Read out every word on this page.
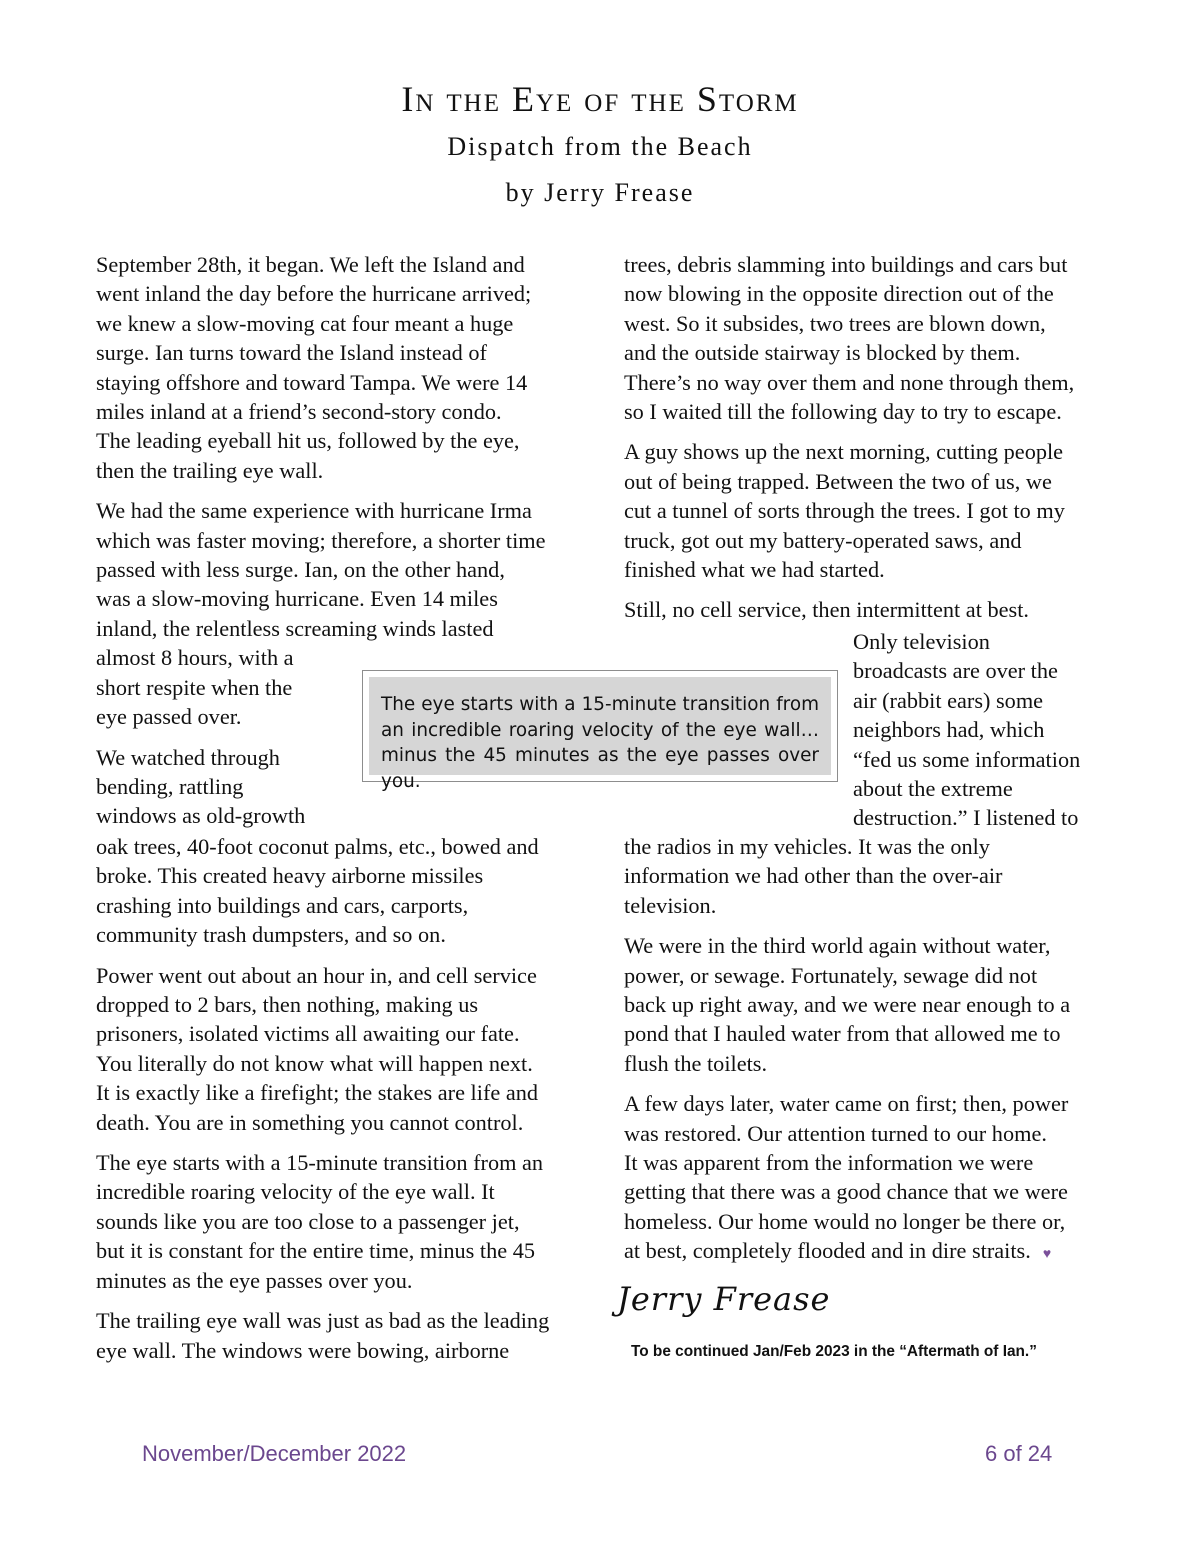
In the Eye of the Storm
Dispatch from the Beach
by Jerry Frease

September 28th, it began. We left the Island and
went inland the day before the hurricane arrived;
we knew a slow-moving cat four meant a huge
surge. Ian turns toward the Island instead of
staying offshore and toward Tampa. We were 14
miles inland at a friend’s second-story condo.
The leading eyeball hit us, followed by the eye,
then the trailing eye wall.

We had the same experience with hurricane Irma
which was faster moving; therefore, a shorter time
passed with less surge. Ian, on the other hand,
was a slow-moving hurricane. Even 14 miles
inland, the relentless screaming winds lasted
almost 8 hours, with a
short respite when the
eye passed over.

We watched through
bending, rattling
windows as old-growth

oak trees, 40-foot coconut palms, etc., bowed and
broke. This created heavy airborne missiles
crashing into buildings and cars, carports,
community trash dumpsters, and so on.

Power went out about an hour in, and cell service
dropped to 2 bars, then nothing, making us
prisoners, isolated victims all awaiting our fate.
You literally do not know what will happen next.
It is exactly like a firefight; the stakes are life and
death. You are in something you cannot control.

The eye starts with a 15-minute transition from an
incredible roaring velocity of the eye wall. It
sounds like you are too close to a passenger jet,
but it is constant for the entire time, minus the 45
minutes as the eye passes over you.

The trailing eye wall was just as bad as the leading
eye wall. The windows were bowing, airborne

trees, debris slamming into buildings and cars but
now blowing in the opposite direction out of the
west. So it subsides, two trees are blown down,
and the outside stairway is blocked by them.
There’s no way over them and none through them,
so I waited till the following day to try to escape.

A guy shows up the next morning, cutting people
out of being trapped. Between the two of us, we
cut a tunnel of sorts through the trees. I got to my
truck, got out my battery-operated saws, and
finished what we had started.

Still, no cell service, then intermittent at best.

Only television
broadcasts are over the
air (rabbit ears) some
neighbors had, which
“fed us some information
about the extreme
destruction.” I listened to

the radios in my vehicles. It was the only
information we had other than the over-air
television.

We were in the third world again without water,
power, or sewage. Fortunately, sewage did not
back up right away, and we were near enough to a
pond that I hauled water from that allowed me to
flush the toilets.

A few days later, water came on first; then, power
was restored. Our attention turned to our home.
It was apparent from the information we were
getting that there was a good chance that we were
homeless. Our home would no longer be there or,
at best, completely flooded and in dire straits. ♥

The eye starts with a 15-minute transition from an incredible roaring velocity of the eye wall… minus the 45 minutes as the eye passes over you.
Jerry Frease
To be continued Jan/Feb 2023 in the “Aftermath of Ian.”
November/December 2022	6 of 24
